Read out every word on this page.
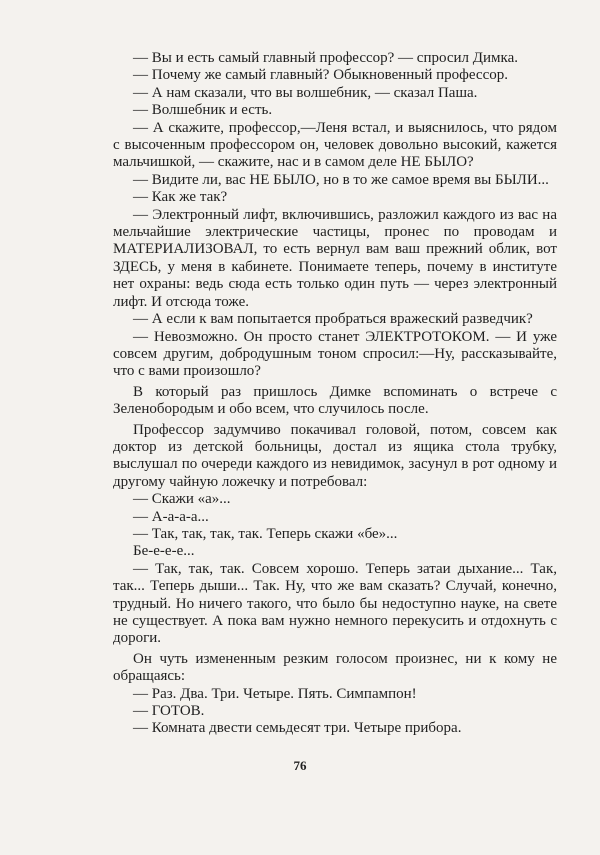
— Вы и есть самый главный профессор? — спросил Димка.

— Почему же самый главный? Обыкновенный профессор.

— А нам сказали, что вы волшебник, — сказал Паша.

— Волшебник и есть.

— А скажите, профессор,—Леня встал, и выяснилось, что рядом с высоченным профессором он, человек довольно высокий, кажется мальчишкой, — скажите, нас и в самом деле НЕ БЫЛО?

— Видите ли, вас НЕ БЫЛО, но в то же самое время вы БЫЛИ...

— Как же так?

— Электронный лифт, включившись, разложил каждого из вас на мельчайшие электрические частицы, пронес по проводам и МАТЕРИАЛИЗОВАЛ, то есть вернул вам ваш прежний облик, вот ЗДЕСЬ, у меня в кабинете. Понимаете теперь, почему в институте нет охраны: ведь сюда есть только один путь — через электронный лифт. И отсюда тоже.

— А если к вам попытается пробраться вражеский разведчик?

— Невозможно. Он просто станет ЭЛЕКТРОТОКОМ. — И уже совсем другим, добродушным тоном спросил:—Ну, рассказывайте, что с вами произошло?

В который раз пришлось Димке вспоминать о встрече с Зеленобородым и обо всем, что случилось после.

Профессор задумчиво покачивал головой, потом, совсем как доктор из детской больницы, достал из ящика стола трубку, выслушал по очереди каждого из невидимок, засунул в рот одному и другому чайную ложечку и потребовал:

— Скажи «а»...

— А-а-а-а...

— Так, так, так, так. Теперь скажи «бе»...

Бе-е-е-е...

— Так, так, так. Совсем хорошо. Теперь затаи дыхание... Так, так... Теперь дыши... Так. Ну, что же вам сказать? Случай, конечно, трудный. Но ничего такого, что было бы недоступно науке, на свете не существует. А пока вам нужно немного перекусить и отдохнуть с дороги.

Он чуть измененным резким голосом произнес, ни к кому не обращаясь:

— Раз. Два. Три. Четыре. Пять. Симпампон!

— ГОТОВ.

— Комната двести семьдесят три. Четыре прибора.

76
